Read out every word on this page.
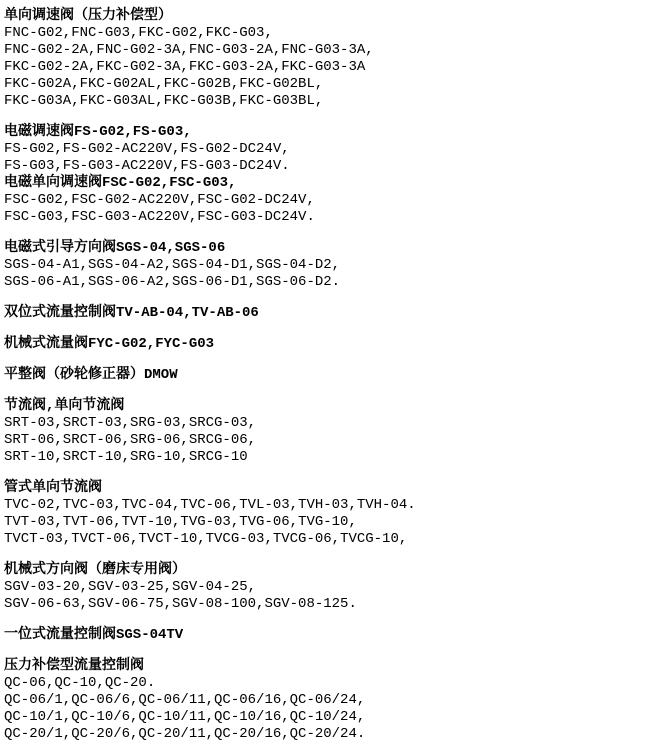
单向调速阀（压力补偿型）
FNC-G02,FNC-G03,FKC-G02,FKC-G03,
FNC-G02-2A,FNC-G02-3A,FNC-G03-2A,FNC-G03-3A,
FKC-G02-2A,FKC-G02-3A,FKC-G03-2A,FKC-G03-3A
FKC-G02A,FKC-G02AL,FKC-G02B,FKC-G02BL,
FKC-G03A,FKC-G03AL,FKC-G03B,FKC-G03BL,
电磁调速阀FS-G02,FS-G03,
FS-G02,FS-G02-AC220V,FS-G02-DC24V,
FS-G03,FS-G03-AC220V,FS-G03-DC24V.
电磁单向调速阀FSC-G02,FSC-G03,
FSC-G02,FSC-G02-AC220V,FSC-G02-DC24V,
FSC-G03,FSC-G03-AC220V,FSC-G03-DC24V.
电磁式引导方向阀SGS-04,SGS-06
SGS-04-A1,SGS-04-A2,SGS-04-D1,SGS-04-D2,
SGS-06-A1,SGS-06-A2,SGS-06-D1,SGS-06-D2.
双位式流量控制阀TV-AB-04,TV-AB-06
机械式流量阀FYC-G02,FYC-G03
平整阀（砂轮修正器）DMOW
节流阀,单向节流阀
SRT-03,SRCT-03,SRG-03,SRCG-03,
SRT-06,SRCT-06,SRG-06,SRCG-06,
SRT-10,SRCT-10,SRG-10,SRCG-10
管式单向节流阀
TVC-02,TVC-03,TVC-04,TVC-06,TVL-03,TVH-03,TVH-04.
TVT-03,TVT-06,TVT-10,TVG-03,TVG-06,TVG-10,
TVCT-03,TVCT-06,TVCT-10,TVCG-03,TVCG-06,TVCG-10,
机械式方向阀（磨床专用阀）
SGV-03-20,SGV-03-25,SGV-04-25,
SGV-06-63,SGV-06-75,SGV-08-100,SGV-08-125.
一位式流量控制阀SGS-04TV
压力补偿型流量控制阀
QC-06,QC-10,QC-20.
QC-06/1,QC-06/6,QC-06/11,QC-06/16,QC-06/24,
QC-10/1,QC-10/6,QC-10/11,QC-10/16,QC-10/24,
QC-20/1,QC-20/6,QC-20/11,QC-20/16,QC-20/24.
